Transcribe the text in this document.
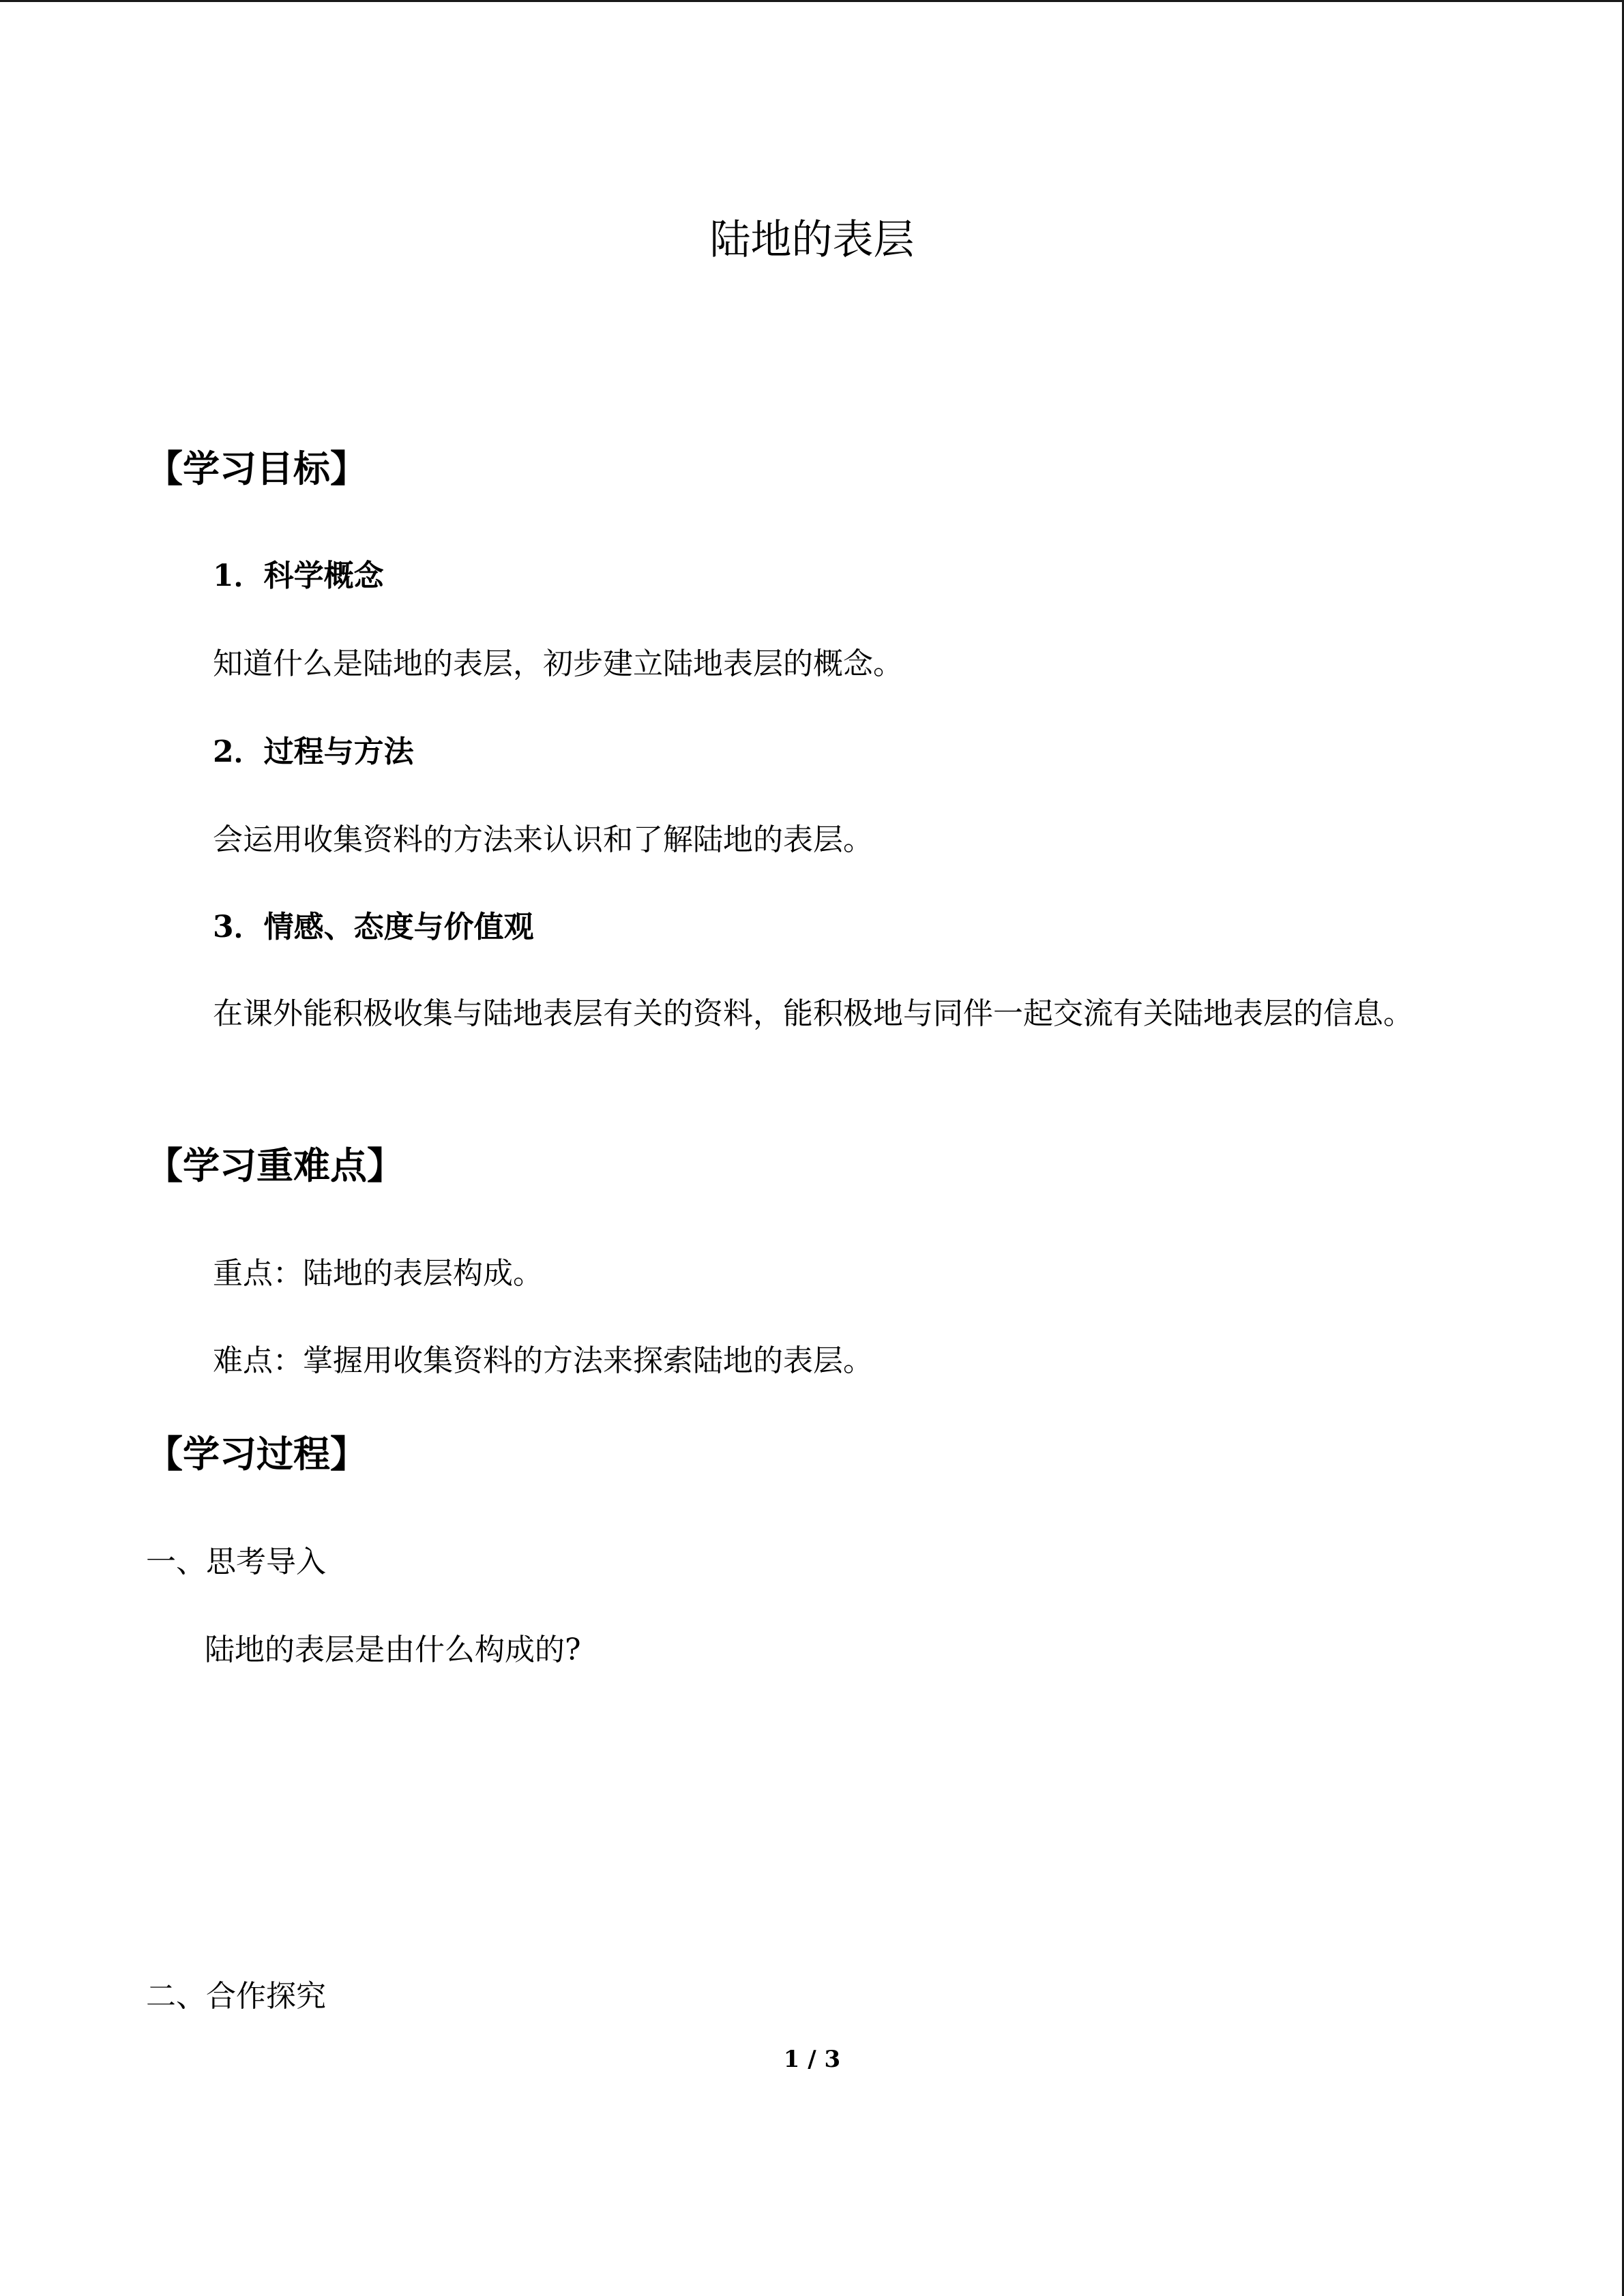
陆地的表层
【学习目标】
1．科学概念
知道什么是陆地的表层，初步建立陆地表层的概念。
2．过程与方法
会运用收集资料的方法来认识和了解陆地的表层。
3．情感、态度与价值观
在课外能积极收集与陆地表层有关的资料，能积极地与同伴一起交流有关陆地表层的信息。
【学习重难点】
重点：陆地的表层构成。
难点：掌握用收集资料的方法来探索陆地的表层。
【学习过程】
一、思考导入
陆地的表层是由什么构成的?
二、合作探究
1 / 3
